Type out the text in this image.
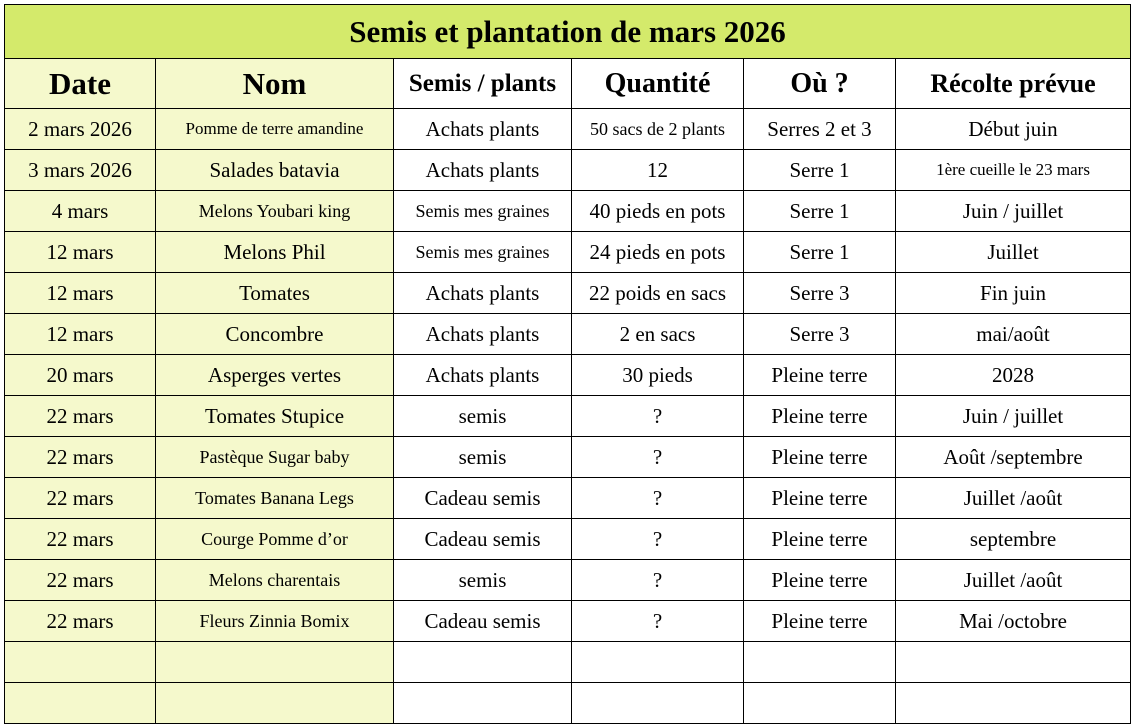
Semis et plantation de mars 2026					
Date	Nom	Semis / plants	Quantité	Où ?	Récolte prévue
2 mars 2026	Pomme de terre amandine	Achats plants	50 sacs de 2 plants	Serres 2 et 3	Début juin
3 mars 2026	Salades batavia	Achats plants	12	Serre 1	1ère cueille le 23 mars
4 mars	Melons Youbari king	Semis mes graines	40 pieds en pots	Serre 1	Juin / juillet
12 mars	Melons Phil	Semis mes graines	24 pieds en pots	Serre 1	Juillet
12 mars	Tomates	Achats plants	22 poids en sacs	Serre 3	Fin juin
12 mars	Concombre	Achats plants	2 en sacs	Serre 3	mai/août
20 mars	Asperges vertes	Achats plants	30 pieds	Pleine terre	2028
22 mars	Tomates Stupice	semis	?	Pleine terre	Juin / juillet
22 mars	Pastèque Sugar baby	semis	?	Pleine terre	Août /septembre
22 mars	Tomates Banana Legs	Cadeau semis	?	Pleine terre	Juillet /août
22 mars	Courge Pomme d’or	Cadeau semis	?	Pleine terre	septembre
22 mars	Melons charentais	semis	?	Pleine terre	Juillet /août
22 mars	Fleurs Zinnia Bomix	Cadeau semis	?	Pleine terre	Mai /octobre
